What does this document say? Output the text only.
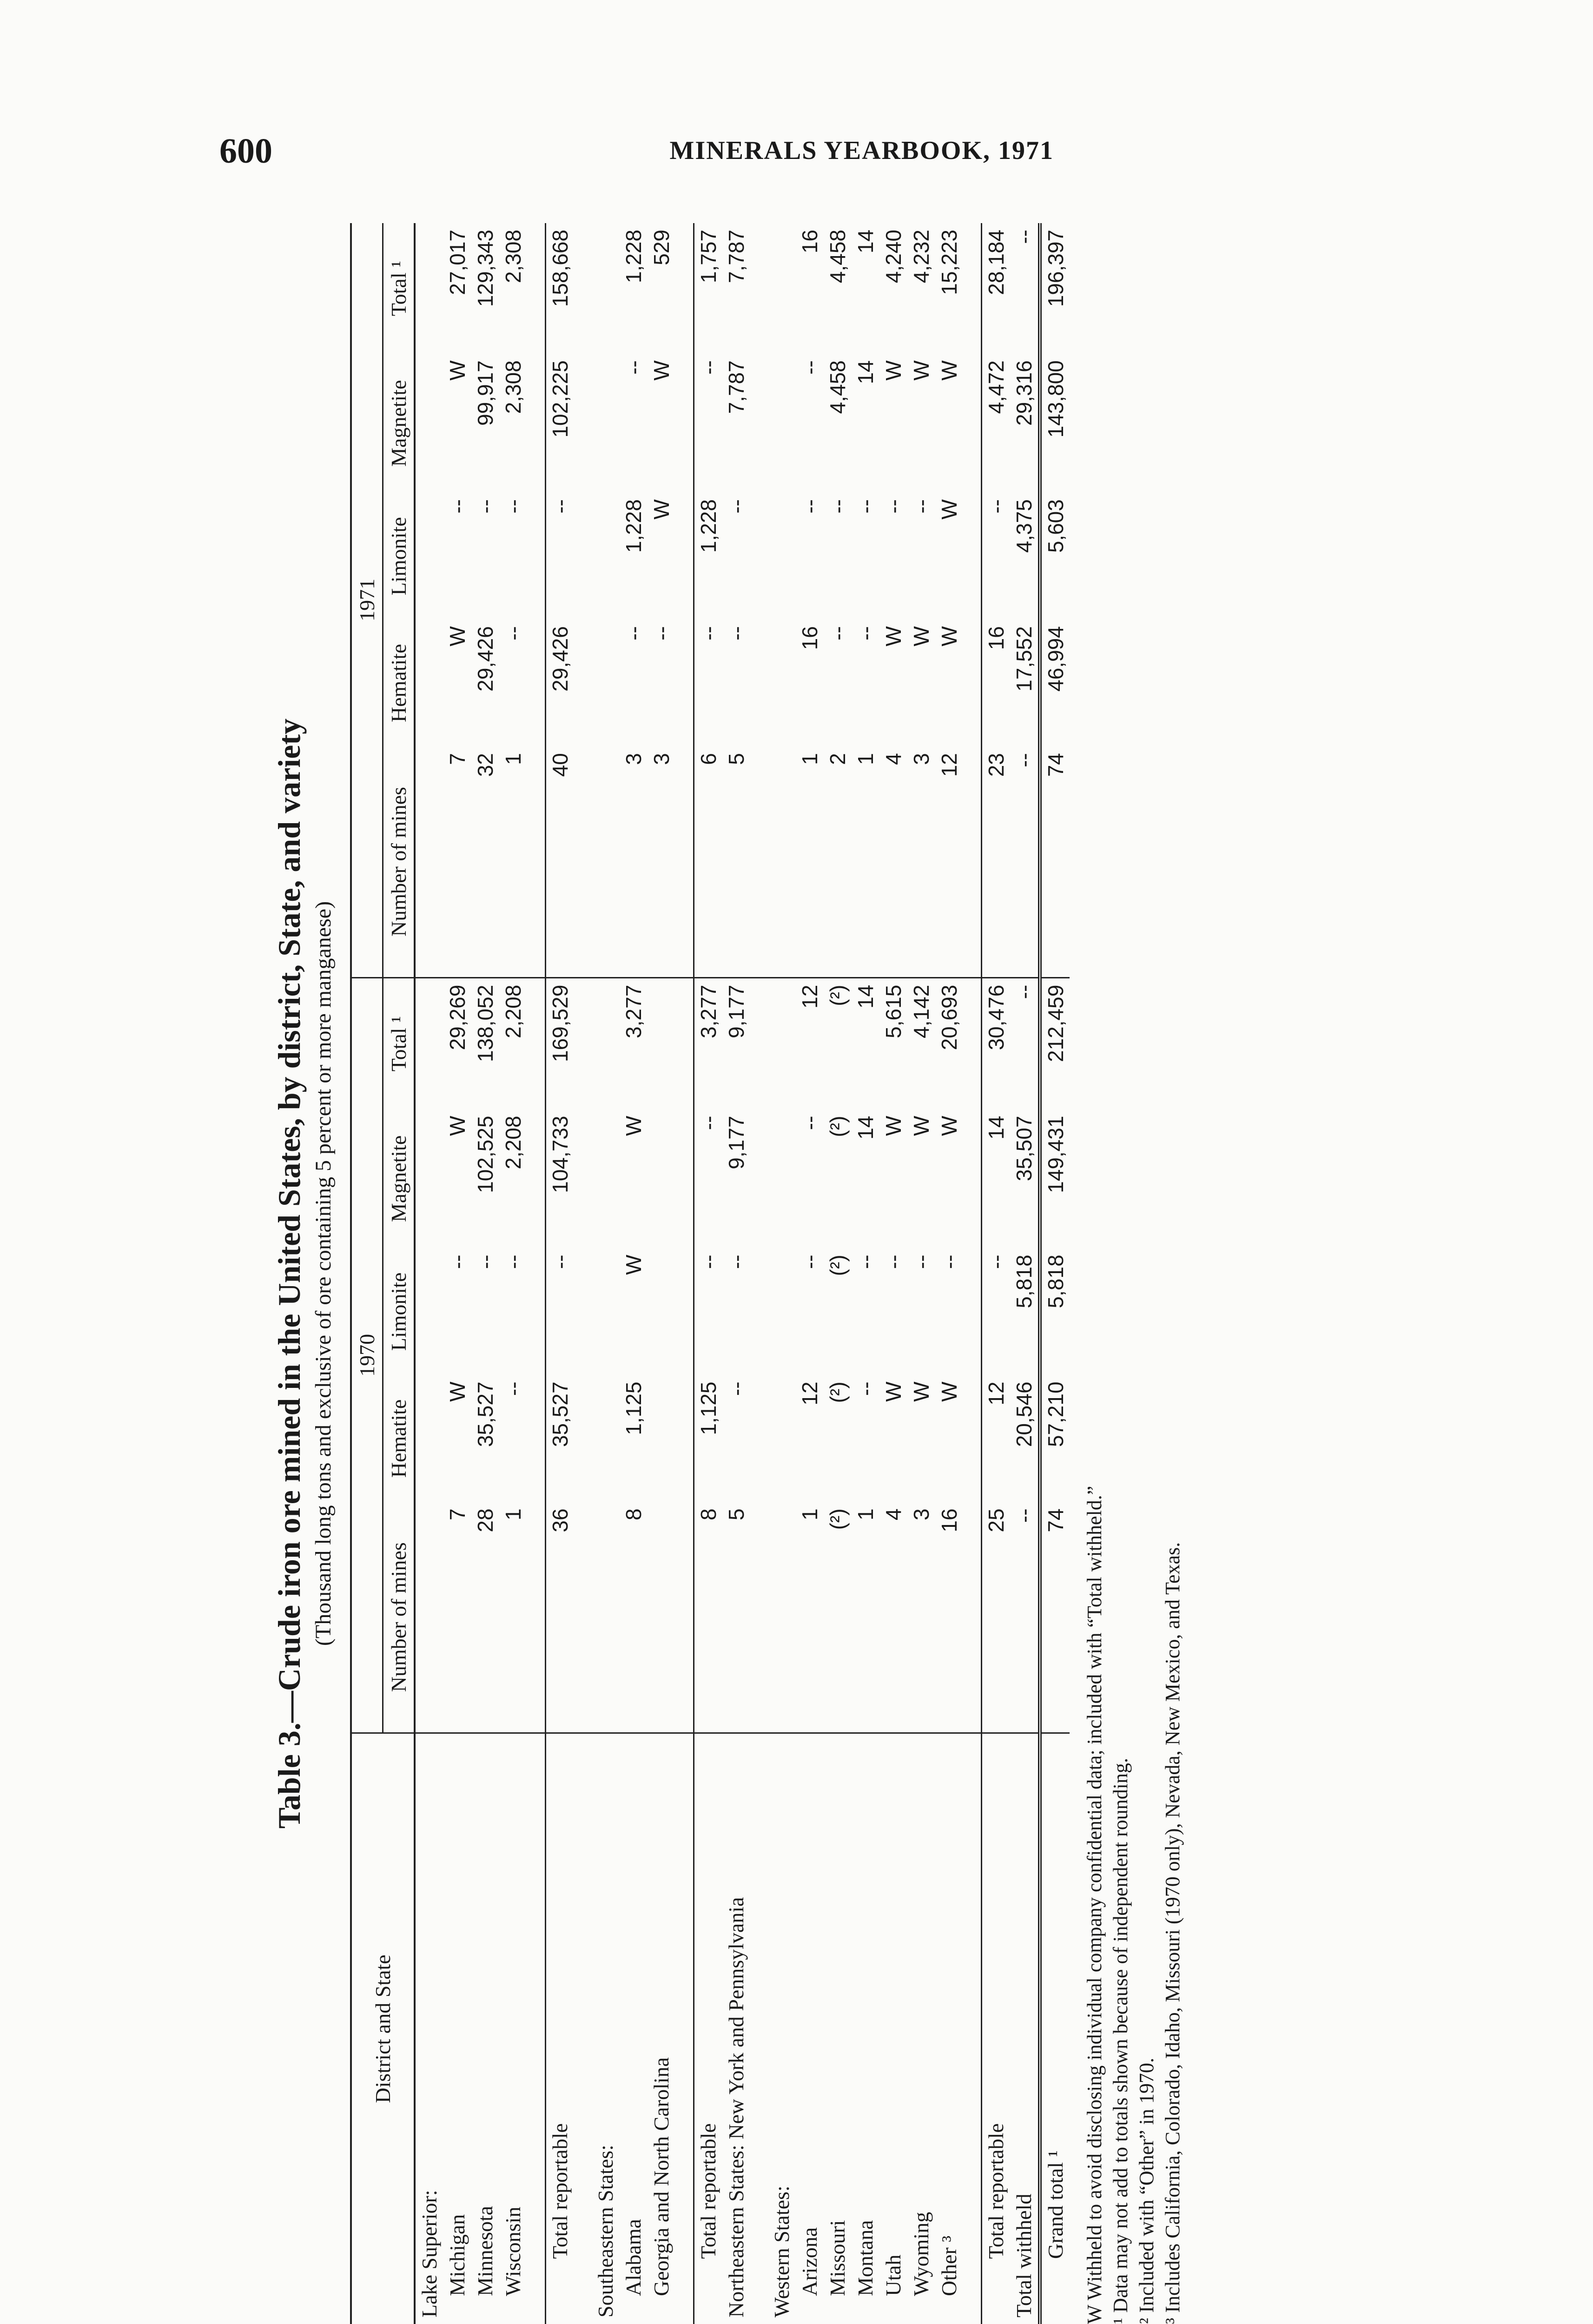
600	MINERALS YEARBOOK, 1971
Table 3.—Crude iron ore mined in the United States, by district, State, and variety (Thousand long tons and exclusive of ore containing 5 percent or more manganese)
District and State	1970					1971				
	Number of mines	Hematite	Limonite	Magnetite	Total ¹	Number of mines	Hematite	Limonite	Magnetite	Total ¹
Lake Superior:										
Michigan	7	W	--	W	29,269	7	W	--	W	27,017
Minnesota	28	35,527	--	102,525	138,052	32	29,426	--	99,917	129,343
Wisconsin	1	--	--	2,208	2,208	1	--	--	2,308	2,308

Total reportable	36	35,527	--	104,733	169,529	40	29,426	--	102,225	158,668

Southeastern States:										
Alabama	8	1,125	W	W	3,277	3	--	1,228	--	1,228
Georgia and North Carolina						3	--	W	W	529

Total reportable	8	1,125	--	--	3,277	6	--	1,228	--	1,757
Northeastern States: New York and Pennsylvania	5	--	--	9,177	9,177	5	--	--	7,787	7,787

Western States:										
Arizona	1	12	--	--	12	1	16	--	--	16
Missouri	(²)	(²)	(²)	(²)	(²)	2	--	--	4,458	4,458
Montana	1	--	--	14	14	1	--	--	14	14
Utah	4	W	--	W	5,615	4	W	--	W	4,240
Wyoming	3	W	--	W	4,142	3	W	--	W	4,232
Other ³	16	W	--	W	20,693	12	W	W	W	15,223

Total reportable	25	12	--	14	30,476	23	16	--	4,472	28,184
Total withheld	--	20,546	5,818	35,507	--	--	17,552	4,375	29,316	--
Grand total ¹	74	57,210	5,818	149,431	212,459	74	46,994	5,603	143,800	196,397
W Withheld to avoid disclosing individual company confidential data; included with “Total withheld.” ¹ Data may not add to totals shown because of independent rounding. ² Included with “Other” in 1970. ³ Includes California, Colorado, Idaho, Missouri (1970 only), Nevada, New Mexico, and Texas.
